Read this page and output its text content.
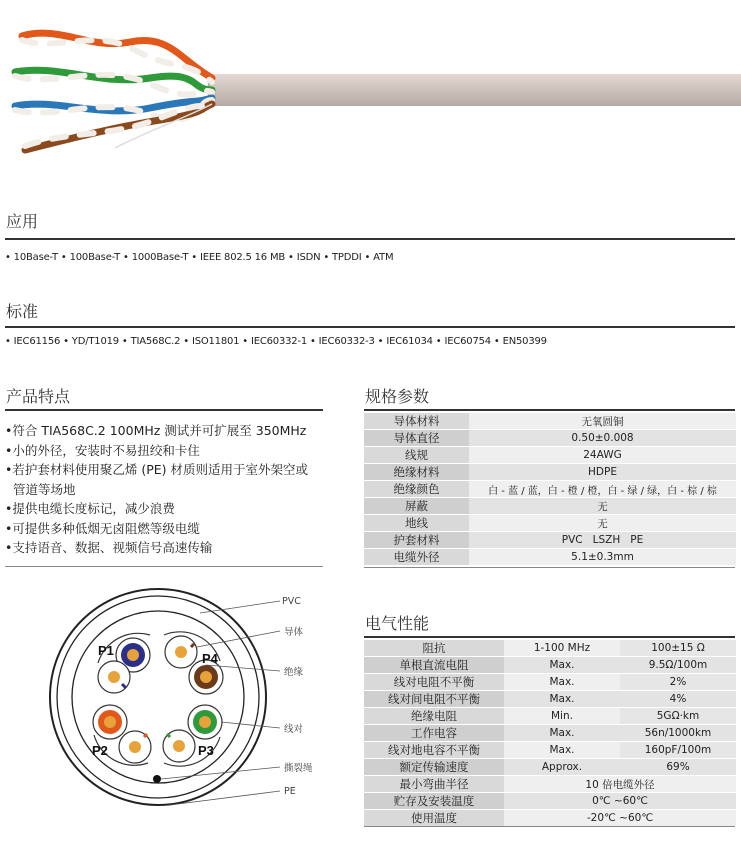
应用
• 10Base-T • 100Base-T • 1000Base-T • IEEE 802.5 16 MB • ISDN • TPDDI • ATM
标准
• IEC61156 • YD/T1019 • TIA568C.2 • ISO11801 • IEC60332-1 • IEC60332-3 • IEC61034 • IEC60754 • EN50399
产品特点
•符合 TIA568C.2 100MHz 测试并可扩展至 350MHz
•小的外径，安装时不易扭绞和卡住
•若护套材料使用聚乙烯 (PE) 材质则适用于室外架空或
管道等场地
•提供电缆长度标记，减少浪费
•可提供多种低烟无卤阻燃等级电缆
•支持语音、数据、视频信号高速传输
规格参数
导体材料	无氧圆铜
导体直径	0.50±0.008
线规	24AWG
绝缘材料	HDPE
绝缘颜色	白 - 蓝 / 蓝，白 - 橙 / 橙，白 - 绿 / 绿，白 - 棕 / 棕
屏蔽	无
地线	无
护套材料	PVC   LSZH   PE
电缆外径	5.1±0.3mm
电气性能
阻抗	1-100 MHz	100±15 Ω
单根直流电阻	Max.	9.5Ω/100m
线对电阻不平衡	Max.	2%
线对间电阻不平衡	Max.	4%
绝缘电阻	Min.	5GΩ·km
工作电容	Max.	56n/1000km
线对地电容不平衡	Max.	160pF/100m
额定传输速度	Approx.	69%
最小弯曲半径	10 倍电缆外径	
贮存及安装温度	0℃ ~60℃	
使用温度	-20℃ ~60℃	
P1
P4
P2	P3
PVC
导体
绝缘
线对
撕裂绳
PE
